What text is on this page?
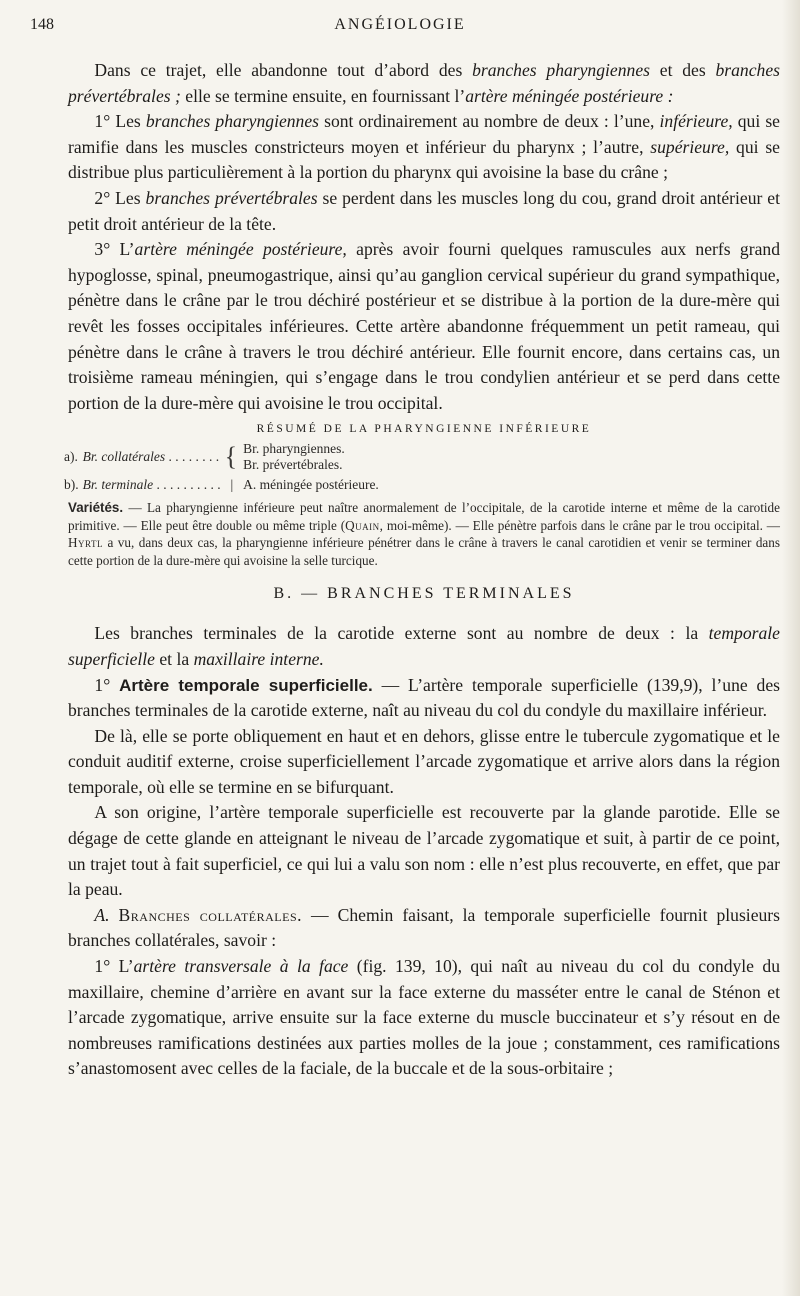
148	ANGÉIOLOGIE

Dans ce trajet, elle abandonne tout d’abord des branches pharyngiennes et des branches prévertébrales ; elle se termine ensuite, en fournissant l’artère méningée postérieure :

1° Les branches pharyngiennes sont ordinairement au nombre de deux : l’une, inférieure, qui se ramifie dans les muscles constricteurs moyen et inférieur du pharynx ; l’autre, supérieure, qui se distribue plus particulièrement à la portion du pharynx qui avoisine la base du crâne ;

2° Les branches prévertébrales se perdent dans les muscles long du cou, grand droit antérieur et petit droit antérieur de la tête.

3° L’artère méningée postérieure, après avoir fourni quelques ramuscules aux nerfs grand hypoglosse, spinal, pneumogastrique, ainsi qu’au ganglion cervical supérieur du grand sympathique, pénètre dans le crâne par le trou déchiré postérieur et se distribue à la portion de la dure-mère qui revêt les fosses occipitales inférieures. Cette artère abandonne fréquemment un petit rameau, qui pénètre dans le crâne à travers le trou déchiré antérieur. Elle fournit encore, dans certains cas, un troisième rameau méningien, qui s’engage dans le trou condylien antérieur et se perd dans cette portion de la dure-mère qui avoisine le trou occipital.

RÉSUMÉ DE LA PHARYNGIENNE INFÉRIEURE
a).	Br. collatérales . . . . . . . .	{	Br. pharyngiennes.
			Br. prévertébrales.
b).	Br. terminale . . . . . . . . . .	|	A. méningée postérieure.

Variétés. — La pharyngienne inférieure peut naître anormalement de l’occipitale, de la carotide interne et même de la carotide primitive. — Elle peut être double ou même triple (Quain, moi-même). — Elle pénètre parfois dans le crâne par le trou occipital. — Hyrtl a vu, dans deux cas, la pharyngienne inférieure pénétrer dans le crâne à travers le canal carotidien et venir se terminer dans cette portion de la dure-mère qui avoisine la selle turcique.

B. — BRANCHES TERMINALES

Les branches terminales de la carotide externe sont au nombre de deux : la temporale superficielle et la maxillaire interne.

1° Artère temporale superficielle. — L’artère temporale superficielle (139,9), l’une des branches terminales de la carotide externe, naît au niveau du col du condyle du maxillaire inférieur.

De là, elle se porte obliquement en haut et en dehors, glisse entre le tubercule zygomatique et le conduit auditif externe, croise superficiellement l’arcade zygomatique et arrive alors dans la région temporale, où elle se termine en se bifurquant.

A son origine, l’artère temporale superficielle est recouverte par la glande parotide. Elle se dégage de cette glande en atteignant le niveau de l’arcade zygomatique et suit, à partir de ce point, un trajet tout à fait superficiel, ce qui lui a valu son nom : elle n’est plus recouverte, en effet, que par la peau.

A. Branches collatérales. — Chemin faisant, la temporale superficielle fournit plusieurs branches collatérales, savoir :

1° L’artère transversale à la face (fig. 139, 10), qui naît au niveau du col du condyle du maxillaire, chemine d’arrière en avant sur la face externe du masséter entre le canal de Sténon et l’arcade zygomatique, arrive ensuite sur la face externe du muscle buccinateur et s’y résout en de nombreuses ramifications destinées aux parties molles de la joue ; constamment, ces ramifications s’anastomosent avec celles de la faciale, de la buccale et de la sous-orbitaire ;
